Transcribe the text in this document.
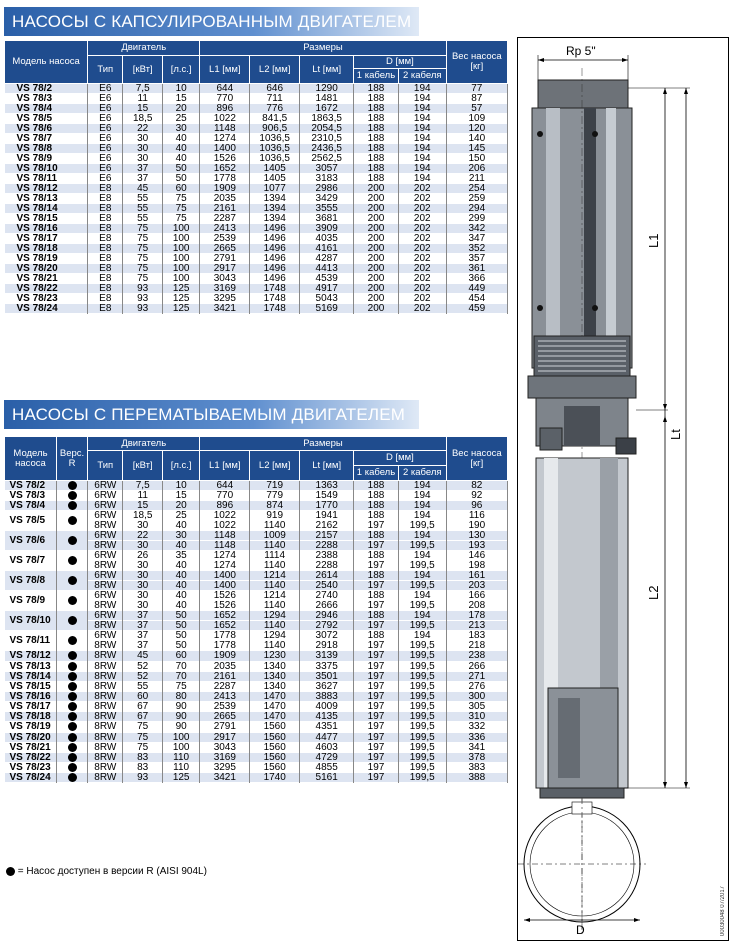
НАСОСЫ С КАПСУЛИРОВАННЫМ ДВИГАТЕЛЕМ
Модель насоса	Двигатель			Размеры					Вес насоса [кг]
	Тип	[кВт]	[л.с.]	L1 [мм]	L2 [мм]	Lt [мм]	D [мм]		
							1 кабель	2 кабеля	
VS 78/2	E6	7,5	10	644	646	1290	188	194	77
VS 78/3	E6	11	15	770	711	1481	188	194	87
VS 78/4	E6	15	20	896	776	1672	188	194	57
VS 78/5	E6	18,5	25	1022	841,5	1863,5	188	194	109
VS 78/6	E6	22	30	1148	906,5	2054,5	188	194	120
VS 78/7	E6	30	40	1274	1036,5	2310,5	188	194	140
VS 78/8	E6	30	40	1400	1036,5	2436,5	188	194	145
VS 78/9	E6	30	40	1526	1036,5	2562,5	188	194	150
VS 78/10	E6	37	50	1652	1405	3057	188	194	206
VS 78/11	E6	37	50	1778	1405	3183	188	194	211
VS 78/12	E8	45	60	1909	1077	2986	200	202	254
VS 78/13	E8	55	75	2035	1394	3429	200	202	259
VS 78/14	E8	55	75	2161	1394	3555	200	202	294
VS 78/15	E8	55	75	2287	1394	3681	200	202	299
VS 78/16	E8	75	100	2413	1496	3909	200	202	342
VS 78/17	E8	75	100	2539	1496	4035	200	202	347
VS 78/18	E8	75	100	2665	1496	4161	200	202	352
VS 78/19	E8	75	100	2791	1496	4287	200	202	357
VS 78/20	E8	75	100	2917	1496	4413	200	202	361
VS 78/21	E8	75	100	3043	1496	4539	200	202	366
VS 78/22	E8	93	125	3169	1748	4917	200	202	449
VS 78/23	E8	93	125	3295	1748	5043	200	202	454
VS 78/24	E8	93	125	3421	1748	5169	200	202	459
НАСОСЫ С ПЕРЕМАТЫВАЕМЫМ ДВИГАТЕЛЕМ
Модель насоса	Верс. R	Двигатель			Размеры					Вес насоса [кг]
		Тип	[кВт]	[л.с.]	L1 [мм]	L2 [мм]	Lt [мм]	D [мм]		
								1 кабель	2 кабеля	
VS 78/2		6RW	7,5	10	644	719	1363	188	194	82
VS 78/3		6RW	11	15	770	779	1549	188	194	92
VS 78/4		6RW	15	20	896	874	1770	188	194	96
VS 78/5		6RW	18,5	25	1022	919	1941	188	194	116
		8RW	30	40	1022	1140	2162	197	199,5	190
VS 78/6		6RW	22	30	1148	1009	2157	188	194	130
		8RW	30	40	1148	1140	2288	197	199,5	193
VS 78/7		6RW	26	35	1274	1114	2388	188	194	146
		8RW	30	40	1274	1140	2288	197	199,5	198
VS 78/8		6RW	30	40	1400	1214	2614	188	194	161
		8RW	30	40	1400	1140	2540	197	199,5	203
VS 78/9		6RW	30	40	1526	1214	2740	188	194	166
		8RW	30	40	1526	1140	2666	197	199,5	208
VS 78/10		6RW	37	50	1652	1294	2946	188	194	178
		8RW	37	50	1652	1140	2792	197	199,5	213
VS 78/11		6RW	37	50	1778	1294	3072	188	194	183
		8RW	37	50	1778	1140	2918	197	199,5	218
VS 78/12		8RW	45	60	1909	1230	3139	197	199,5	238
VS 78/13		8RW	52	70	2035	1340	3375	197	199,5	266
VS 78/14		8RW	52	70	2161	1340	3501	197	199,5	271
VS 78/15		8RW	55	75	2287	1340	3627	197	199,5	276
VS 78/16		8RW	60	80	2413	1470	3883	197	199,5	300
VS 78/17		8RW	67	90	2539	1470	4009	197	199,5	305
VS 78/18		8RW	67	90	2665	1470	4135	197	199,5	310
VS 78/19		8RW	75	90	2791	1560	4351	197	199,5	332
VS 78/20		8RW	75	100	2917	1560	4477	197	199,5	336
VS 78/21		8RW	75	100	3043	1560	4603	197	199,5	341
VS 78/22		8RW	83	110	3169	1560	4729	197	199,5	378
VS 78/23		8RW	83	110	3295	1560	4855	197	199,5	383
VS 78/24		8RW	93	125	3421	1740	5161	197	199,5	388
= Насос доступен в версии R (AISI 904L)
Rp 5"
L1
Lt
L2
D	00030048 07/2017
